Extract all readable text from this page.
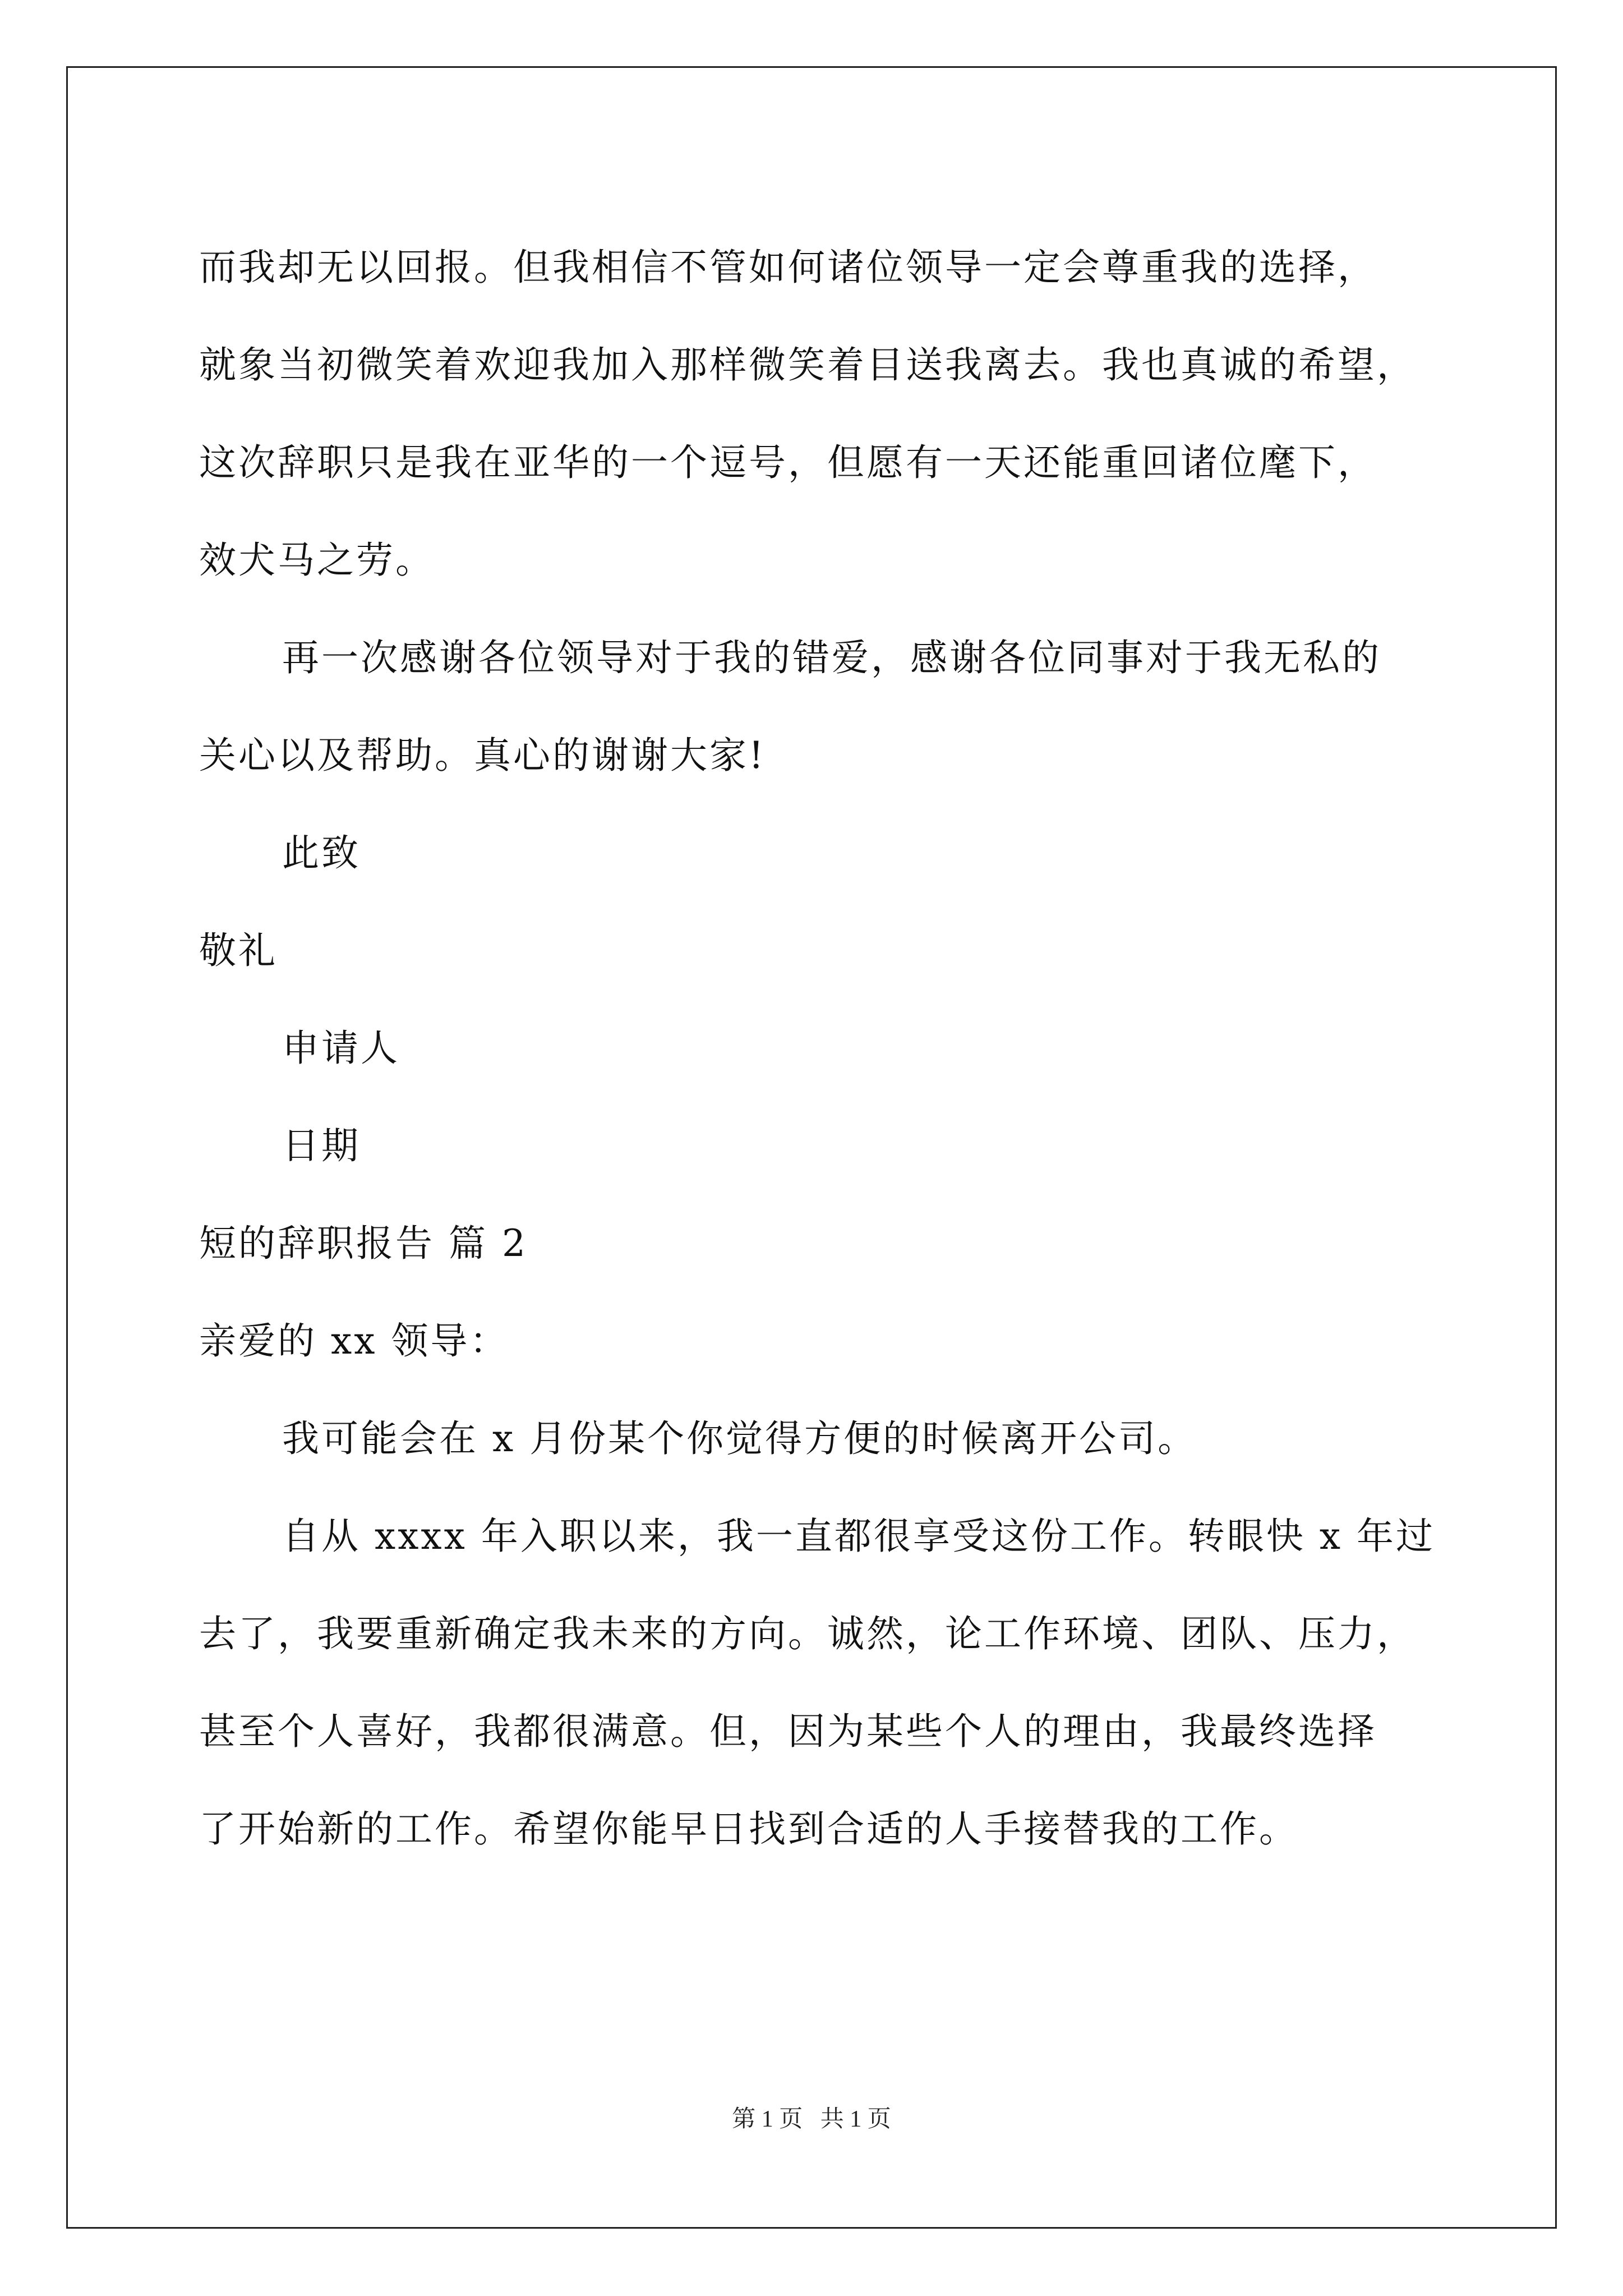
而我却无以回报。但我相信不管如何诸位领导一定会尊重我的选择，
就象当初微笑着欢迎我加入那样微笑着目送我离去。我也真诚的希望，
这次辞职只是我在亚华的一个逗号，但愿有一天还能重回诸位麾下，
效犬马之劳。
再一次感谢各位领导对于我的错爱，感谢各位同事对于我无私的
关心以及帮助。真心的谢谢大家!
此致
敬礼
申请人
日期
短的辞职报告 篇 2
亲爱的 xx 领导：
我可能会在 x 月份某个你觉得方便的时候离开公司。
自从 xxxx 年入职以来，我一直都很享受这份工作。转眼快 x 年过
去了，我要重新确定我未来的方向。诚然，论工作环境、团队、压力，
甚至个人喜好，我都很满意。但，因为某些个人的理由，我最终选择
了开始新的工作。希望你能早日找到合适的人手接替我的工作。
第 1 页   共 1 页
